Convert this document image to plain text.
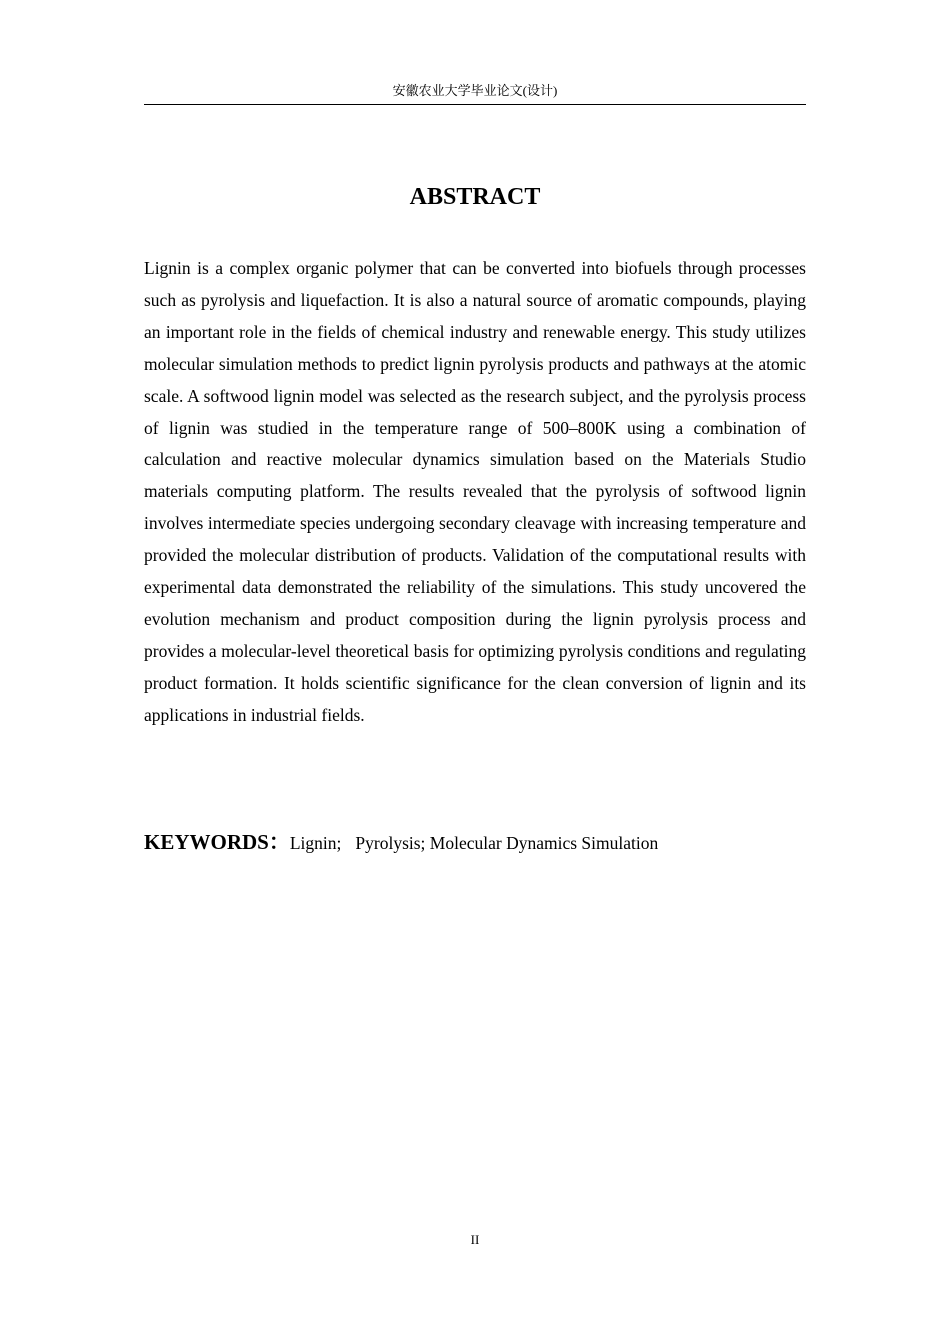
安徽农业大学毕业论文(设计)
ABSTRACT

Lignin is a complex organic polymer that can be converted into biofuels through processes such as pyrolysis and liquefaction. It is also a natural source of aromatic compounds, playing an important role in the fields of chemical industry and renewable energy. This study utilizes molecular simulation methods to predict lignin pyrolysis products and pathways at the atomic scale. A softwood lignin model was selected as the research subject, and the pyrolysis process of lignin was studied in the temperature range of 500–800K using a combination of calculation and reactive molecular dynamics simulation based on the Materials Studio materials computing platform. The results revealed that the pyrolysis of softwood lignin involves intermediate species undergoing secondary cleavage with increasing temperature and provided the molecular distribution of products. Validation of the computational results with experimental data demonstrated the reliability of the simulations. This study uncovered the evolution mechanism and product composition during the lignin pyrolysis process and provides a molecular-level theoretical basis for optimizing pyrolysis conditions and regulating product formation. It holds scientific significance for the clean conversion of lignin and its applications in industrial fields.

KEYWORDS：Lignin; Pyrolysis; Molecular Dynamics Simulation
II
